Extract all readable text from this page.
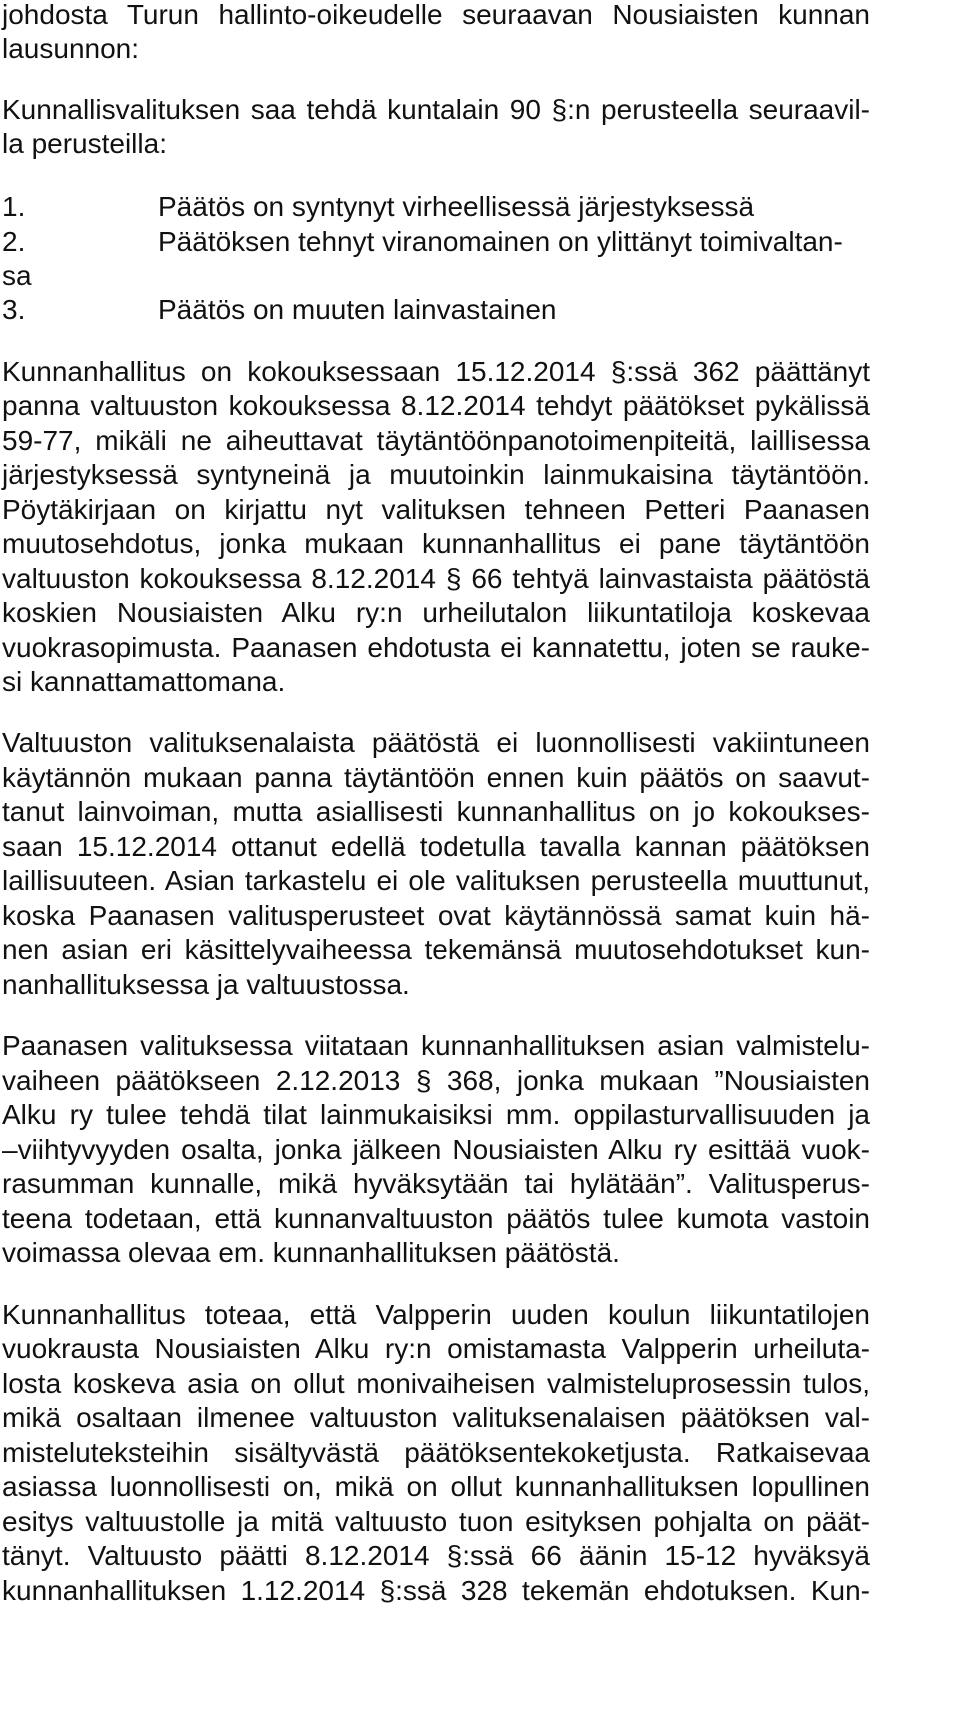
johdosta Turun hallinto-oikeudelle seuraavan Nousiaisten kunnan
lausunnon:
Kunnallisvalituksen saa tehdä kuntalain 90 §:n perusteella seuraavil-
la perusteilla:
1.	Päätös on syntynyt virheellisessä järjestyksessä
2.	Päätöksen tehnyt viranomainen on ylittänyt toimivaltan-
sa
3.	Päätös on muuten lainvastainen
Kunnanhallitus on kokouksessaan 15.12.2014 §:ssä 362 päättänyt
panna valtuuston kokouksessa 8.12.2014 tehdyt päätökset pykälissä
59-77, mikäli ne aiheuttavat täytäntöönpanotoimenpiteitä, laillisessa
järjestyksessä syntyneinä ja muutoinkin lainmukaisina täytäntöön.
Pöytäkirjaan on kirjattu nyt valituksen tehneen Petteri Paanasen
muutosehdotus, jonka mukaan kunnanhallitus ei pane täytäntöön
valtuuston kokouksessa 8.12.2014 § 66 tehtyä lainvastaista päätöstä
koskien Nousiaisten Alku ry:n urheilutalon liikuntatiloja koskevaa
vuokrasopimusta. Paanasen ehdotusta ei kannatettu, joten se rauke-
si kannattamattomana.
Valtuuston valituksenalaista päätöstä ei luonnollisesti vakiintuneen
käytännön mukaan panna täytäntöön ennen kuin päätös on saavut-
tanut lainvoiman, mutta asiallisesti kunnanhallitus on jo kokoukses-
saan 15.12.2014 ottanut edellä todetulla tavalla kannan päätöksen
laillisuuteen. Asian tarkastelu ei ole valituksen perusteella muuttunut,
koska Paanasen valitusperusteet ovat käytännössä samat kuin hä-
nen asian eri käsittelyvaiheessa tekemänsä muutosehdotukset kun-
nanhallituksessa ja valtuustossa.
Paanasen valituksessa viitataan kunnanhallituksen asian valmistelu-
vaiheen päätökseen 2.12.2013 § 368, jonka mukaan ”Nousiaisten
Alku ry tulee tehdä tilat lainmukaisiksi mm. oppilasturvallisuuden ja
–viihtyvyyden osalta, jonka jälkeen Nousiaisten Alku ry esittää vuok-
rasumman kunnalle, mikä hyväksytään tai hylätään”. Valitusperus-
teena todetaan, että kunnanvaltuuston päätös tulee kumota vastoin
voimassa olevaa em. kunnanhallituksen päätöstä.
Kunnanhallitus toteaa, että Valpperin uuden koulun liikuntatilojen
vuokrausta Nousiaisten Alku ry:n omistamasta Valpperin urheiluta-
losta koskeva asia on ollut monivaiheisen valmisteluprosessin tulos,
mikä osaltaan ilmenee valtuuston valituksenalaisen päätöksen val-
misteluteksteihin sisältyvästä päätöksentekoketjusta. Ratkaisevaa
asiassa luonnollisesti on, mikä on ollut kunnanhallituksen lopullinen
esitys valtuustolle ja mitä valtuusto tuon esityksen pohjalta on päät-
tänyt. Valtuusto päätti 8.12.2014 §:ssä 66 äänin 15-12 hyväksyä
kunnanhallituksen 1.12.2014 §:ssä 328 tekemän ehdotuksen. Kun-
